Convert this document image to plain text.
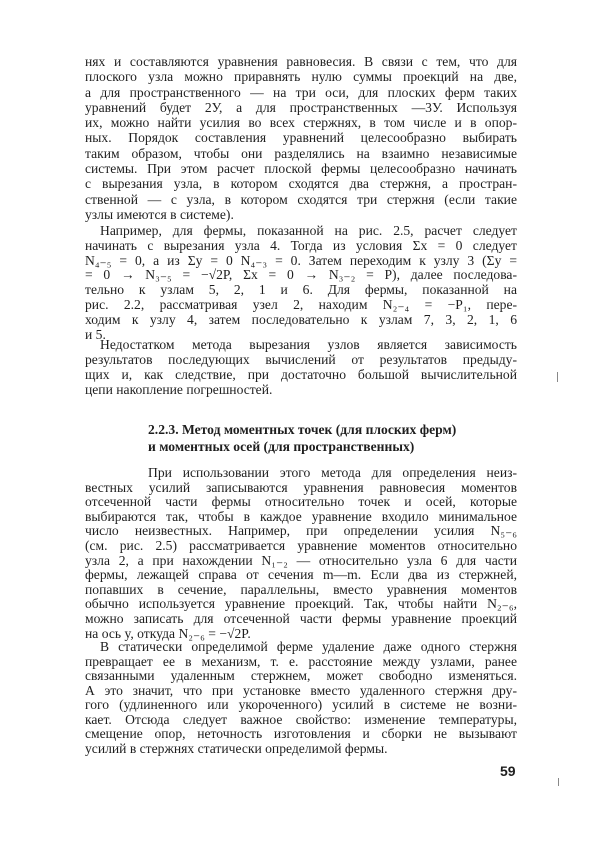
нях и составляются уравнения равновесия. В связи с тем, что для
плоского узла можно приравнять нулю суммы проекций на две,
а для пространственного — на три оси, для плоских ферм таких
уравнений будет 2У, а для пространственных —3У. Используя
их, можно найти усилия во всех стержнях, в том числе и в опор-
ных. Порядок составления уравнений целесообразно выбирать
таким образом, чтобы они разделялись на взаимно независимые
системы. При этом расчет плоской фермы целесообразно начинать
с вырезания узла, в котором сходятся два стержня, а простран-
ственной — с узла, в котором сходятся три стержня (если такие
узлы имеются в системе).
Например, для фермы, показанной на рис. 2.5, расчет следует
начинать с вырезания узла 4. Тогда из условия Σx = 0 следует
N₄₋₅ = 0, а из Σy = 0 N₄₋₃ = 0. Затем переходим к узлу 3 (Σy =
= 0 → N₃₋₅ = −√2P, Σx = 0 → N₃₋₂ = P), далее последова-
тельно к узлам 5, 2, 1 и 6. Для фермы, показанной на
рис. 2.2, рассматривая узел 2, находим N₂₋₄ = −P₁, пере-
ходим к узлу 4, затем последовательно к узлам 7, 3, 2, 1, 6
и 5.
Недостатком метода вырезания узлов является зависимость
результатов последующих вычислений от результатов предыду-
щих и, как следствие, при достаточно большой вычислительной
цепи накопление погрешностей.
2.2.3. Метод моментных точек (для плоских ферм)
и моментных осей (для пространственных)
При использовании этого метода для определения неиз-
вестных усилий записываются уравнения равновесия моментов
отсеченной части фермы относительно точек и осей, которые
выбираются так, чтобы в каждое уравнение входило минимальное
число неизвестных. Например, при определении усилия N₅₋₆
(см. рис. 2.5) рассматривается уравнение моментов относительно
узла 2, а при нахождении N₁₋₂ — относительно узла 6 для части
фермы, лежащей справа от сечения m—m. Если два из стержней,
попавших в сечение, параллельны, вместо уравнения моментов
обычно используется уравнение проекций. Так, чтобы найти N₂₋₆,
можно записать для отсеченной части фермы уравнение проекций
на ось y, откуда N₂₋₆ = −√2P.
В статически определимой ферме удаление даже одного стержня
превращает ее в механизм, т. е. расстояние между узлами, ранее
связанными удаленным стержнем, может свободно изменяться.
А это значит, что при установке вместо удаленного стержня дру-
гого (удлиненного или укороченного) усилий в системе не возни-
кает. Отсюда следует важное свойство: изменение температуры,
смещение опор, неточность изготовления и сборки не вызывают
усилий в стержнях статически определимой фермы.
59
